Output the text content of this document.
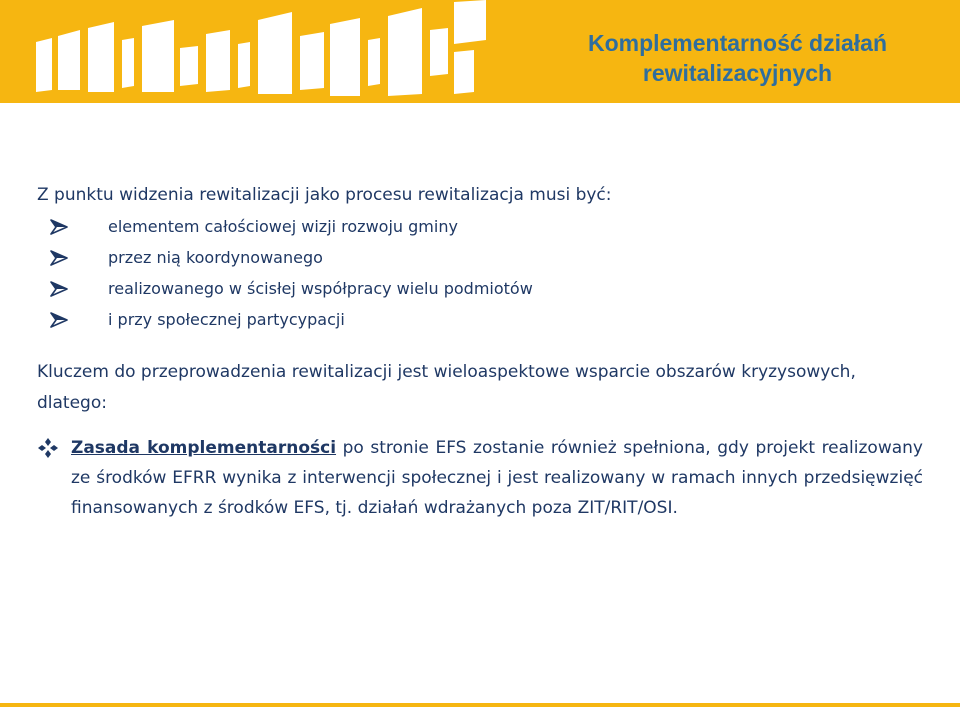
Komplementarność działań
rewitalizacyjnych

Z punktu widzenia rewitalizacji jako procesu rewitalizacja musi być:

elementem całościowej wizji rozwoju gminy
przez nią koordynowanego
realizowanego w ścisłej współpracy wielu podmiotów
i przy społecznej partycypacji

Kluczem do przeprowadzenia rewitalizacji jest wieloaspektowe wsparcie obszarów kryzysowych, dlatego:

Zasada komplementarności po stronie EFS zostanie również spełniona, gdy projekt realizowany ze środków EFRR wynika z interwencji społecznej i jest realizowany w ramach innych przedsięwzięć finansowanych z środków EFS, tj. działań wdrażanych poza ZIT/RIT/OSI.
